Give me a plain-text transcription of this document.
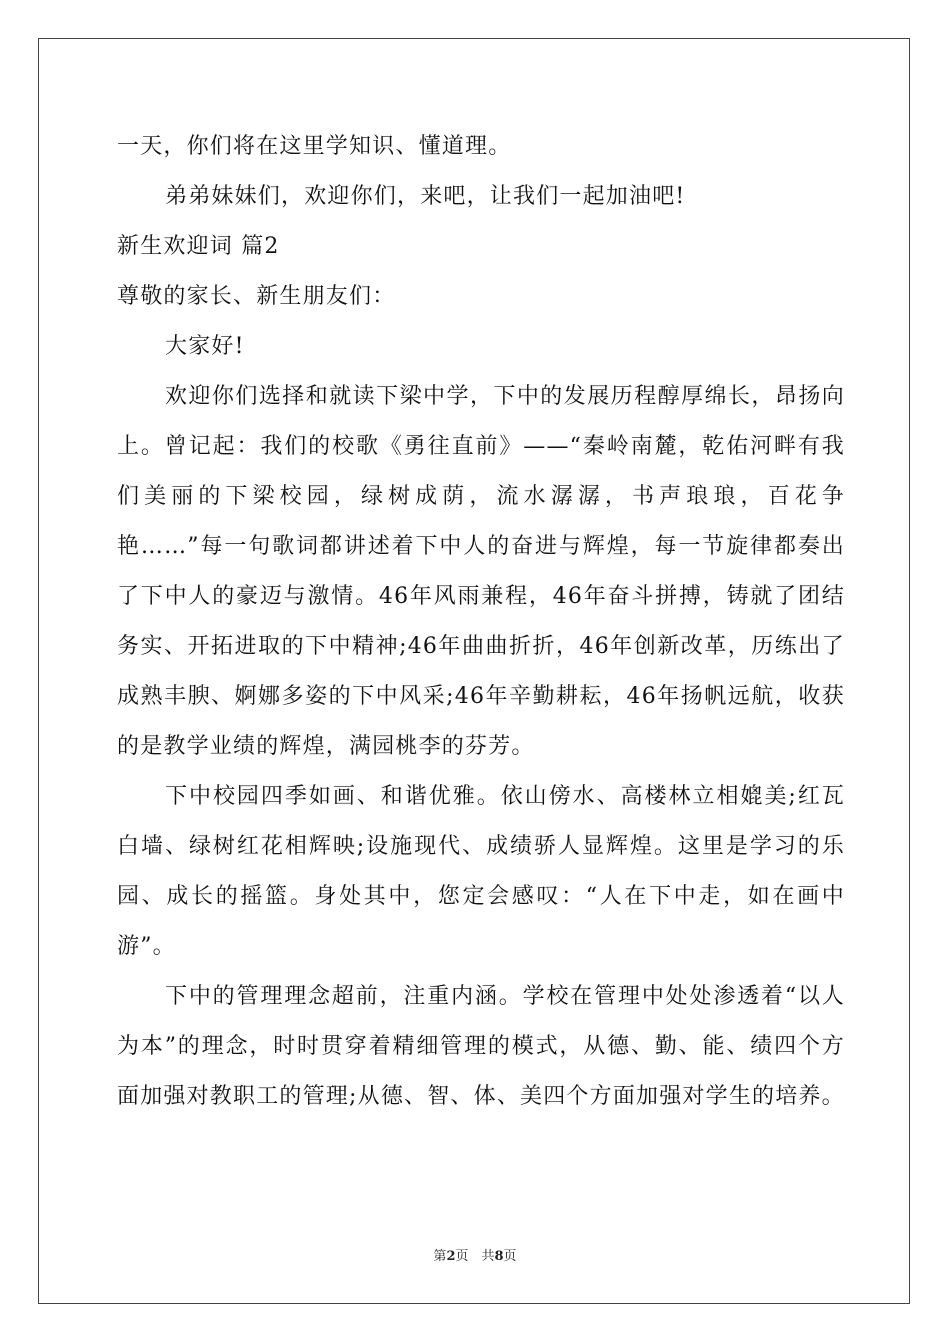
一天，你们将在这里学知识、懂道理。

弟弟妹妹们，欢迎你们，来吧，让我们一起加油吧!

新生欢迎词 篇2

尊敬的家长、新生朋友们：

大家好!

欢迎你们选择和就读下梁中学，下中的发展历程醇厚绵长，昂扬向上。曾记起：我们的校歌《勇往直前》——“秦岭南麓，乾佑河畔有我们美丽的下梁校园，绿树成荫，流水潺潺，书声琅琅，百花争艳……”每一句歌词都讲述着下中人的奋进与辉煌，每一节旋律都奏出了下中人的豪迈与激情。46年风雨兼程，46年奋斗拼搏，铸就了团结务实、开拓进取的下中精神;46年曲曲折折，46年创新改革，历练出了成熟丰腴、婀娜多姿的下中风采;46年辛勤耕耘，46年扬帆远航，收获的是教学业绩的辉煌，满园桃李的芬芳。

下中校园四季如画、和谐优雅。依山傍水、高楼林立相媲美;红瓦白墙、绿树红花相辉映;设施现代、成绩骄人显辉煌。这里是学习的乐园、成长的摇篮。身处其中，您定会感叹：“人在下中走，如在画中游”。

下中的管理理念超前，注重内涵。学校在管理中处处渗透着“以人为本”的理念，时时贯穿着精细管理的模式，从德、勤、能、绩四个方面加强对教职工的管理;从德、智、体、美四个方面加强对学生的培养。

第2页　共8页
